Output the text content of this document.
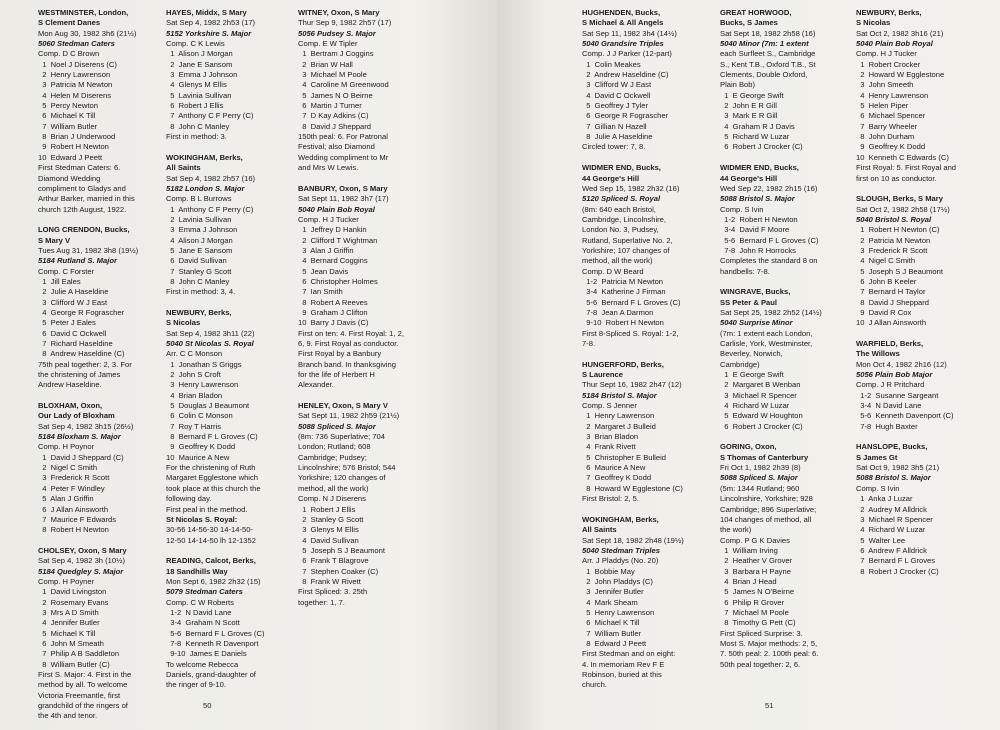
WESTMINSTER, London,
S Clement Danes
Mon Aug 30, 1982 3h6 (21½)
5060 Stedman Caters
Comp. D C Brown
1  Noel J Diserens (C)
2  Henry Lawrenson
3  Patricia M Newton
4  Helen M Diserens
5  Percy Newton
6  Michael K Till
7  William Butler
8  Brian J Underwood
9  Robert H Newton
10  Edward J Peett
First Stedman Caters: 6.
Diamond Wedding
compliment to Gladys and
Arthur Barker, married in this
church 12th August, 1922.

LONG CRENDON, Bucks,
S Mary V
Tues Aug 31, 1982 3h8 (19½)
5184 Rutland S. Major
Comp. C Forster
1  Jill Eales
2  Julie A Haseldine
3  Clifford W J East
4  George R Fograscher
5  Peter J Eales
6  David C Ockwell
7  Richard Haseldine
8  Andrew Haseldine (C)
75th peal together: 2, 3. For
the christening of James
Andrew Haseldine.

BLOXHAM, Oxon,
Our Lady of Bloxham
Sat Sep 4, 1982 3h15 (26½)
5184 Bloxham S. Major
Comp. H Poynor
1  David J Sheppard (C)
2  Nigel C Smith
3  Frederick R Scott
4  Peter F Windley
5  Alan J Griffin
6  J Allan Ainsworth
7  Maurice F Edwards
8  Robert H Newton

CHOLSEY, Oxon, S Mary
Sat Sep 4, 1982 3h (10½)
5184 Quedgley S. Major
Comp. H Poyner
1  David Livingston
2  Rosemary Evans
3  Mrs A D Smith
4  Jennifer Butler
5  Michael K Till
6  John M Smeath
7  Philip A B Saddleton
8  William Butler (C)
First S. Major: 4. First in the
method by all. To welcome
Victoria Freemantle, first
grandchild of the ringers of
the 4th and tenor.
HAYES, Middx, S Mary
Sat Sep 4, 1982 2h53 (17)
5152 Yorkshire S. Major
Comp. C K Lewis
1  Alison J Morgan
2  Jane E Sansom
3  Emma J Johnson
4  Glenys M Ellis
5  Lavinia Sullivan
6  Robert J Ellis
7  Anthony C F Perry (C)
8  John C Manley
First in method: 3.

WOKINGHAM, Berks,
All Saints
Sat Sep 4, 1982 2h57 (16)
5182 London S. Major
Comp. B L Burrows
1  Anthony C F Perry (C)
2  Lavinia Sullivan
3  Emma J Johnson
4  Alison J Morgan
5  Jane E Sansom
6  David Sullivan
7  Stanley G Scott
8  John C Manley
First in method: 3, 4.

NEWBURY, Berks,
S Nicolas
Sat Sep 4, 1982 3h11 (22)
5040 St Nicolas S. Royal
Arr. C C Monson
1  Jonathan S Griggs
2  John S Croft
3  Henry Lawrenson
4  Brian Bladon
5  Douglas J Beaumont
6  Colin C Monson
7  Roy T Harris
8  Bernard F L Groves (C)
9  Geoffrey K Dodd
10  Maurice A New
For the christening of Ruth
Margaret Egglestone which
took place at this church the
following day.
First peal in the method.
St Nicolas S. Royal:
30-56 14-56-30 14-14-50-
12-50 14-14-50 lh 12-1352

READING, Calcot, Berks,
18 Sandhills Way
Mon Sept 6, 1982 2h32 (15)
5079 Stedman Caters
Comp. C W Roberts
1-2  N David Lane
3-4  Graham N Scott
5-6  Bernard F L Groves (C)
7-8  Kenneth R Davenport
9-10  James E Daniels
To welcome Rebecca
Daniels, grand-daughter of
the ringer of 9-10.
WITNEY, Oxon, S Mary
Thur Sep 9, 1982 2h57 (17)
5056 Pudsey S. Major
Comp. E W Tipler
1  Bertram J Coggins
2  Brian W Hall
3  Michael M Poole
4  Caroline M Greenwood
5  James N O Beirne
6  Martin J Turner
7  D Kay Adkins (C)
8  David J Sheppard
150th peal: 6. For Patronal
Festival; also Diamond
Wedding compliment to Mr
and Mrs W Lewis.

BANBURY, Oxon, S Mary
Sat Sept 11, 1982 3h7 (17)
5040 Plain Bob Royal
Comp. H J Tucker
1  Jeffrey D Hankin
2  Clifford T Wightman
3  Alan J Griffin
4  Bernard Coggins
5  Jean Davis
6  Christopher Holmes
7  Ian Smith
8  Robert A Reeves
9  Graham J Clifton
10  Barry J Davis (C)
First on ten: 4. First Royal: 1, 2,
6, 9. First Royal as conductor.
First Royal by a Banbury
Branch band. In thanksgiving
for the life of Herbert H
Alexander.

HENLEY, Oxon, S Mary V
Sat Sept 11, 1982 2h59 (21½)
5088 Spliced S. Major
(8m: 736 Superlative; 704
London; Rutland; 608
Cambridge; Pudsey;
Lincolnshire; 576 Bristol; 544
Yorkshire; 120 changes of
method, all the work)
Comp. N J Diserens
1  Robert J Ellis
2  Stanley G Scott
3  Glenys M Ellis
4  David Sullivan
5  Joseph S J Beaumont
6  Frank T Blagrove
7  Stephen Coaker (C)
8  Frank W Rivett
First Spliced: 3. 25th
together: 1, 7.
50
HUGHENDEN, Bucks,
S Michael & All Angels
Sat Sep 11, 1982 3h4 (14½)
5040 Grandsire Triples
Comp. J J Parker (12-part)
1  Colin Meakes
2  Andrew Haseldine (C)
3  Clifford W J East
4  David C Ockwell
5  Geoffrey J Tyler
6  George R Fograscher
7  Gillian N Hazell
8  Julie A Haseldine
Circled tower: 7, 8.

WIDMER END, Bucks,
44 George's Hill
Wed Sep 15, 1982 2h32 (16)
5120 Spliced S. Royal
(8m: 640 each Bristol,
Cambridge, Lincolnshire,
London No. 3, Pudsey,
Rutland, Superlative No. 2,
Yorkshire; 107 changes of
method, all the work)
Comp. D W Beard
1-2  Patricia M Newton
3-4  Katherine J Firman
5-6  Bernard F L Groves (C)
7-8  Jean A Darmon
9-10  Robert H Newton
First 8-Spliced S. Royal: 1-2,
7-8.

HUNGERFORD, Berks,
S Laurence
Thur Sept 16, 1982 2h47 (12)
5184 Bristol S. Major
Comp. S Jenner
1  Henry Lawrenson
2  Margaret J Bulleid
3  Brian Bladon
4  Frank Rivett
5  Christopher E Bulleid
6  Maurice A New
7  Geoffrey K Dodd
8  Howard W Egglestone (C)
First Bristol: 2, 5.

WOKINGHAM, Berks,
All Saints
Sat Sept 18, 1982 2h48 (19½)
5040 Stedman Triples
Arr. J Pladdys (No. 20)
1  Bobbie May
2  John Pladdys (C)
3  Jennifer Butler
4  Mark Sheam
5  Henry Lawrenson
6  Michael K Till
7  William Butler
8  Edward J Peett
First Stedman and on eight:
4. In memoriam Rev F E
Robinson, buried at this
church.
GREAT HORWOOD,
Bucks, S James
Sat Sept 18, 1982 2h58 (16)
5040 Minor (7m: 1 extent
each Surfleet S., Cambridge
S., Kent T.B., Oxford T.B., St
Clements, Double Oxford,
Plain Bob)
1  E George Swift
2  John E R Gill
3  Mark E R Gill
4  Graham R J Davis
5  Richard W Luzar
6  Robert J Crocker (C)

WIDMER END, Bucks,
44 George's Hill
Wed Sep 22, 1982 2h15 (16)
5088 Bristol S. Major
Comp. S Ivin
1-2  Robert H Newton
3-4  David F Moore
5-6  Bernard F L Groves (C)
7-8  John R Horrocks
Completes the standard 8 on
handbells: 7-8.

WINGRAVE, Bucks,
SS Peter & Paul
Sat Sept 25, 1982 2h52 (14½)
5040 Surprise Minor
(7m: 1 extent each London,
Carlisle, York, Westminster,
Beverley, Norwich,
Cambridge)
1  E George Swift
2  Margaret B Wenban
3  Michael R Spencer
4  Richard W Luzar
5  Edward W Houghton
6  Robert J Crocker (C)

GORING, Oxon,
S Thomas of Canterbury
Fri Oct 1, 1982 2h39 (8)
5088 Spliced S. Major
(5m: 1344 Rutland; 960
Lincolnshire, Yorkshire; 928
Cambridge; 896 Superlative;
104 changes of method, all
the work)
Comp. P G K Davies
1  William Irving
2  Heather V Grover
3  Barbara H Payne
4  Brian J Head
5  James N O'Beirne
6  Philip R Grover
7  Michael M Poole
8  Timothy G Pett (C)
First Spliced Surprise: 3.
Most S. Major methods: 2, 5,
7. 50th peal: 2. 100th peal: 6.
50th peal together: 2, 6.
NEWBURY, Berks,
S Nicolas
Sat Oct 2, 1982 3h16 (21)
5040 Plain Bob Royal
Comp. H J Tucker
1  Robert Crocker
2  Howard W Egglestone
3  John Smeeth
4  Henry Lawrenson
5  Helen Piper
6  Michael Spencer
7  Barry Wheeler
8  John Durham
9  Geoffrey K Dodd
10  Kenneth C Edwards (C)
First Royal: 5. First Royal and
first on 10 as conductor.

SLOUGH, Berks, S Mary
Sat Oct 2, 1982 2h58 (17½)
5040 Bristol S. Royal
1  Robert H Newton (C)
2  Patricia M Newton
3  Frederick R Scott
4  Nigel C Smith
5  Joseph S J Beaumont
6  John B Keeler
7  Bernard H Taylor
8  David J Sheppard
9  David R Cox
10  J Allan Ainsworth

WARFIELD, Berks,
The Willows
Mon Oct 4, 1982 2h16 (12)
5056 Plain Bob Major
Comp. J R Pritchard
1-2  Susanne Sargeant
3-4  N David Lane
5-6  Kenneth Davenport (C)
7-8  Hugh Baxter

HANSLOPE, Bucks,
S James Gt
Sat Oct 9, 1982 3h5 (21)
5088 Bristol S. Major
Comp. S Ivin
1  Anka J Luzar
2  Audrey M Alldrick
3  Michael R Spencer
4  Richard W Luzar
5  Walter Lee
6  Andrew F Alldrick
7  Bernard F L Groves
8  Robert J Crocker (C)
51
